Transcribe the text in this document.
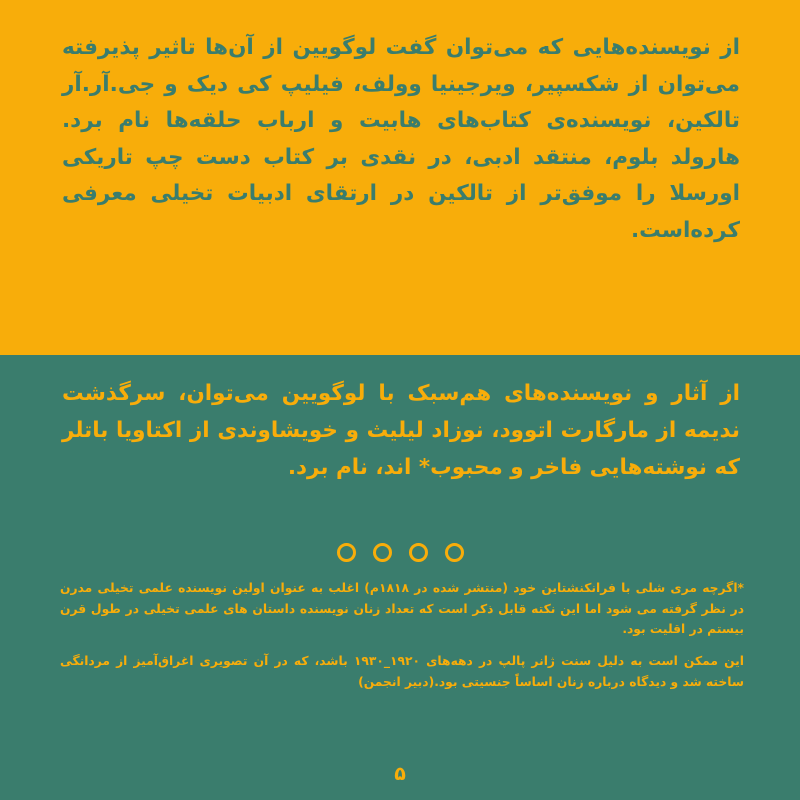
از نویسنده‌هایی که می‌توان گفت لوگویین از آن‌ها تاثیر پذیرفته می‌توان از شکسپیر، ویرجینیا وولف، فیلیپ کی دیک و جی.آر.آر تالکین، نویسنده‌ی کتاب‌های هابیت و ارباب حلقه‌ها نام برد. هارولد بلوم، منتقد ادبی، در نقدی بر کتاب دست چپ تاریکی اورسلا را موفق‌تر از تالکین در ارتقای ادبیات تخیلی معرفی کرده‌است.

از آثار و نویسنده‌های هم‌سبک با لوگویین می‌توان، سرگذشت ندیمه از مارگارت اتوود، نوزاد لیلیث و خویشاوندی از اکتاویا باتلر که نوشته‌هایی فاخر و محبوب* اند، نام برد.

*اگرچه مری شلی با فرانکنشتاین خود (منتشر شده در ۱۸۱۸م) اغلب به عنوان اولین نویسنده علمی تخیلی مدرن در نظر گرفته می شود اما این نکته قابل ذکر است که تعداد زنان نویسنده داستان های علمی تخیلی در طول قرن بیستم در اقلیت بود.

این ممکن است به دلیل سنت ژانر پالپ در دهه‌های ۱۹۲۰_۱۹۳۰ باشد، که در آن تصویری اغراق‌آمیز از مردانگی ساخته شد و دیدگاه درباره زنان اساساً جنسیتی بود.(دبیر انجمن)

۵
